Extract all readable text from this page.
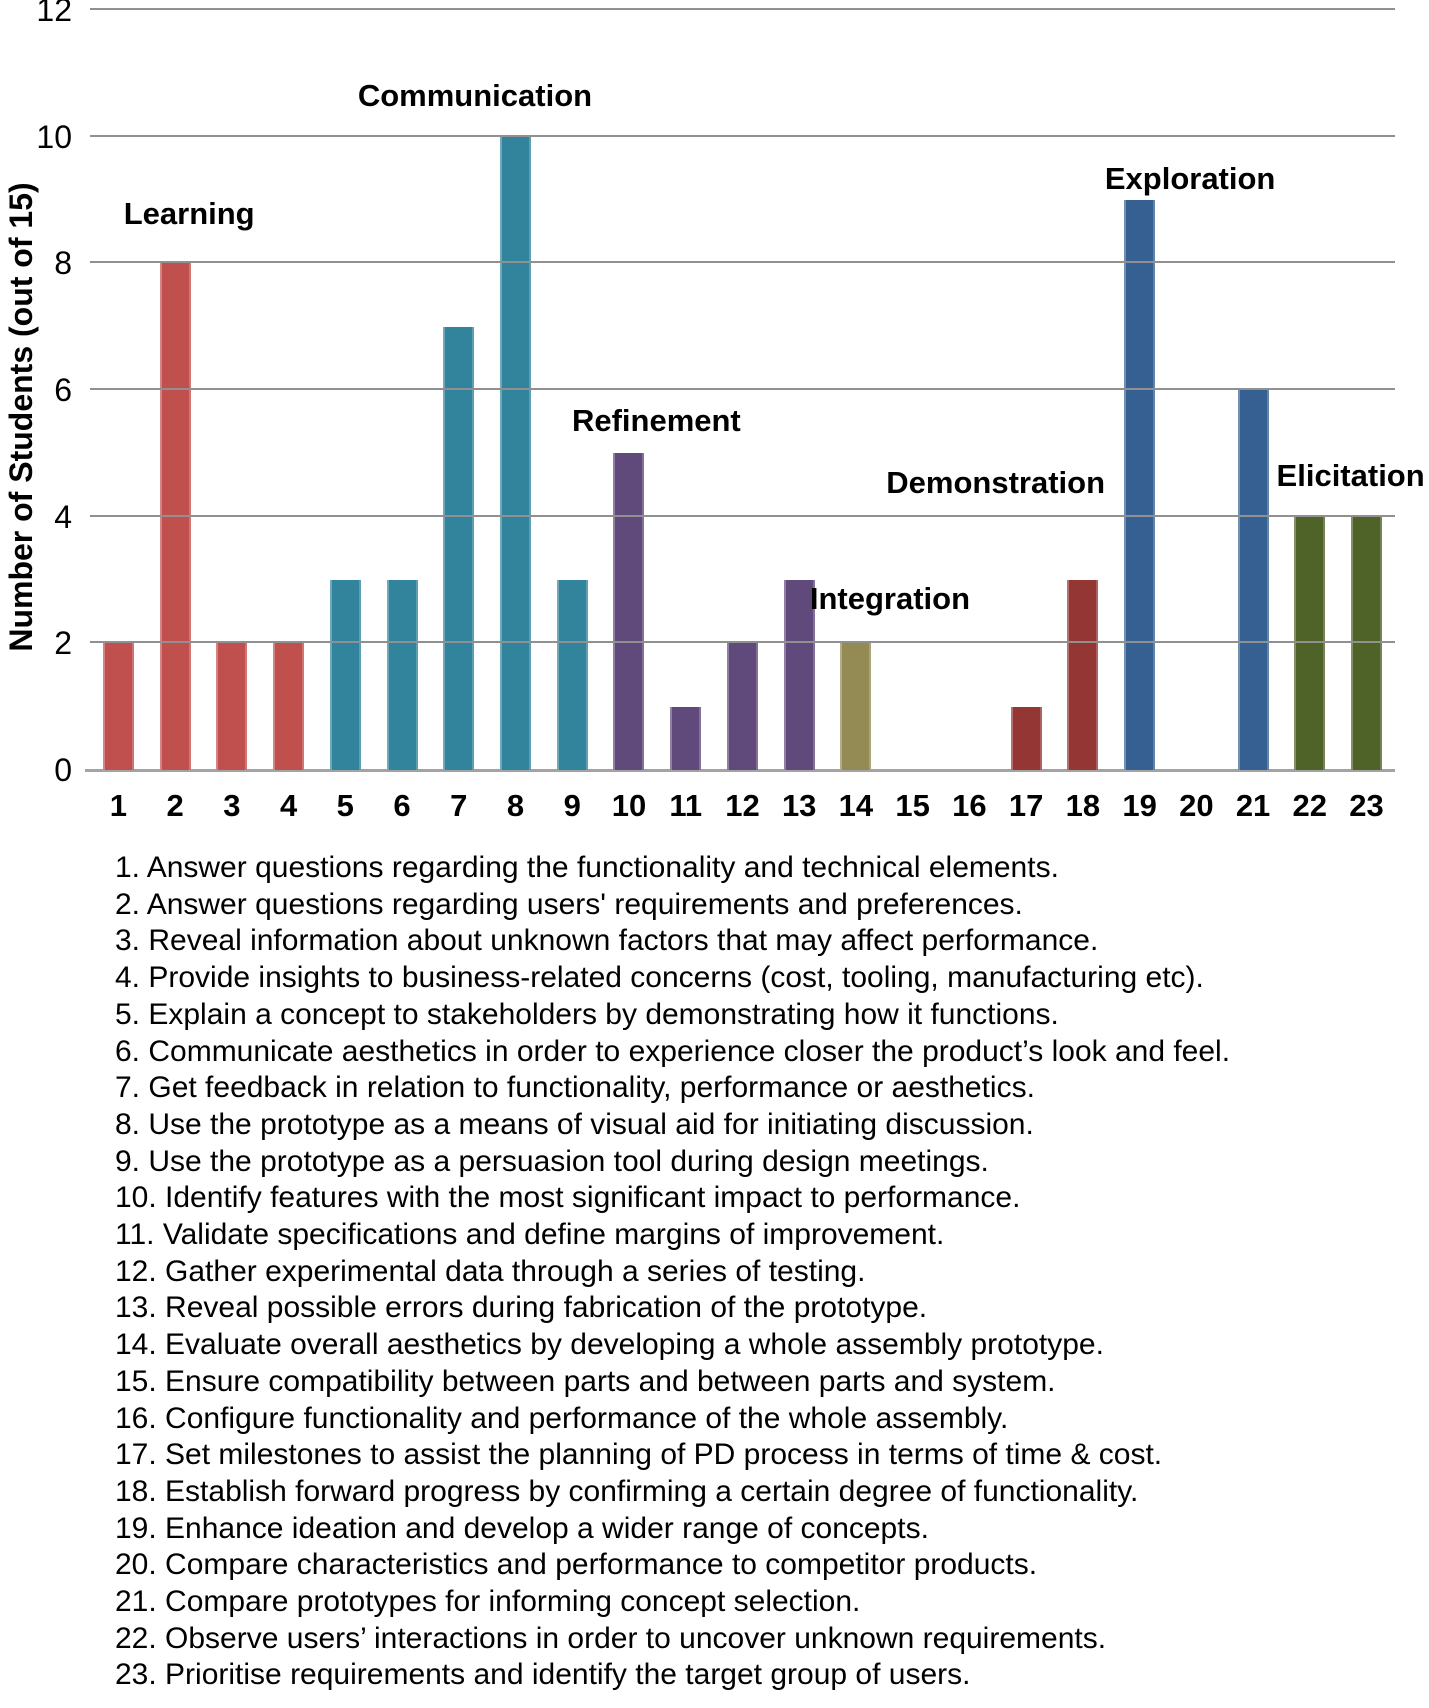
Number of Students (out of 15)
0
2
4
6
8
10
12
Learning
Communication
Refinement
Integration
Demonstration
Exploration
Elicitation
1	2	3	4	5	6	7	8	9 10 11 12 13 14 15 16 17 18 19 20 21 22 23
1. Answer questions regarding the functionality and technical elements.
2. Answer questions regarding users' requirements and preferences.
3. Reveal information about unknown factors that may affect performance.
4. Provide insights to business-related concerns (cost, tooling, manufacturing etc).
5. Explain a concept to stakeholders by demonstrating how it functions.
6. Communicate aesthetics in order to experience closer the product’s look and feel.
7. Get feedback in relation to functionality, performance or aesthetics.
8. Use the prototype as a means of visual aid for initiating discussion.
9. Use the prototype as a persuasion tool during design meetings.
10. Identify features with the most significant impact to performance.
11. Validate specifications and define margins of improvement.
12. Gather experimental data through a series of testing.
13. Reveal possible errors during fabrication of the prototype.
14. Evaluate overall aesthetics by developing a whole assembly prototype.
15. Ensure compatibility between parts and between parts and system.
16. Configure functionality and performance of the whole assembly.
17. Set milestones to assist the planning of PD process in terms of time & cost.
18. Establish forward progress by confirming a certain degree of functionality.
19. Enhance ideation and develop a wider range of concepts.
20. Compare characteristics and performance to competitor products.
21. Compare prototypes for informing concept selection.
22. Observe users’ interactions in order to uncover unknown requirements.
23. Prioritise requirements and identify the target group of users.
